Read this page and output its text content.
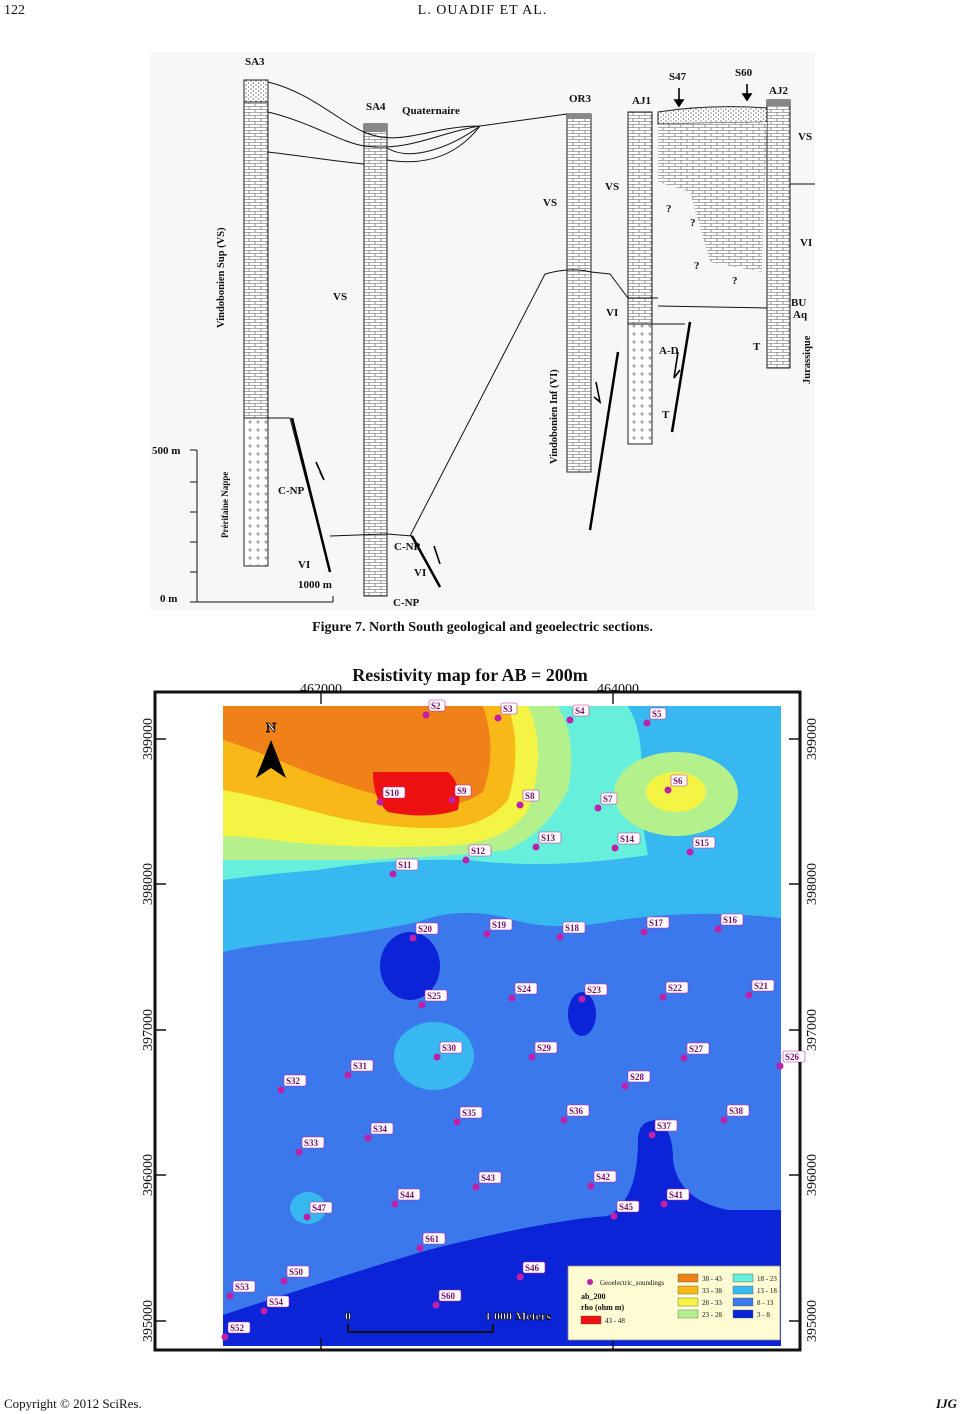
122	L. OUADIF ET AL.
SA3
SA4
OR3	AJ1
S47	S60
AJ2
Quaternaire
VS
VS
VS
VS
VI
VI
VI
VI
C-NP
C-NP
C-NP
A-D
T
T
BU
Aq
?
?
?
?
500 m
0 m
1000 m
Vindobonien Sup (VS)
Vindobonien Inf (VI)
Prérifaine Nappe
Jurassique
Figure 7. North South geological and geoelectric sections.
462000	464000
399000
398000
397000
396000
395000
399000
398000
397000
396000
395000
Resistivity map for AB = 200m
N
S2	S3	S4	S5
S6
S7
S8
S9
S10
S11
S12
S13	S14	S15
S16
S17
S18
S19
S20
S21
S22
S23
S24
S25
S26
S27
S28
S29
S30
S31
S32
S33
S34
S35	S36
S37
S38
S41
S42
S43
S44
S45
S46
S47
S50
S52
S53
S54
S60
S61
0	1 000 Meters
Geoelectric_soundings
ab_200
rho (ohm m)
43 - 48
38 - 43
33 - 38
28 - 33
23 - 28
18 - 23
13 - 18
8 - 13
3 - 8
Copyright © 2012 SciRes.	IJG
